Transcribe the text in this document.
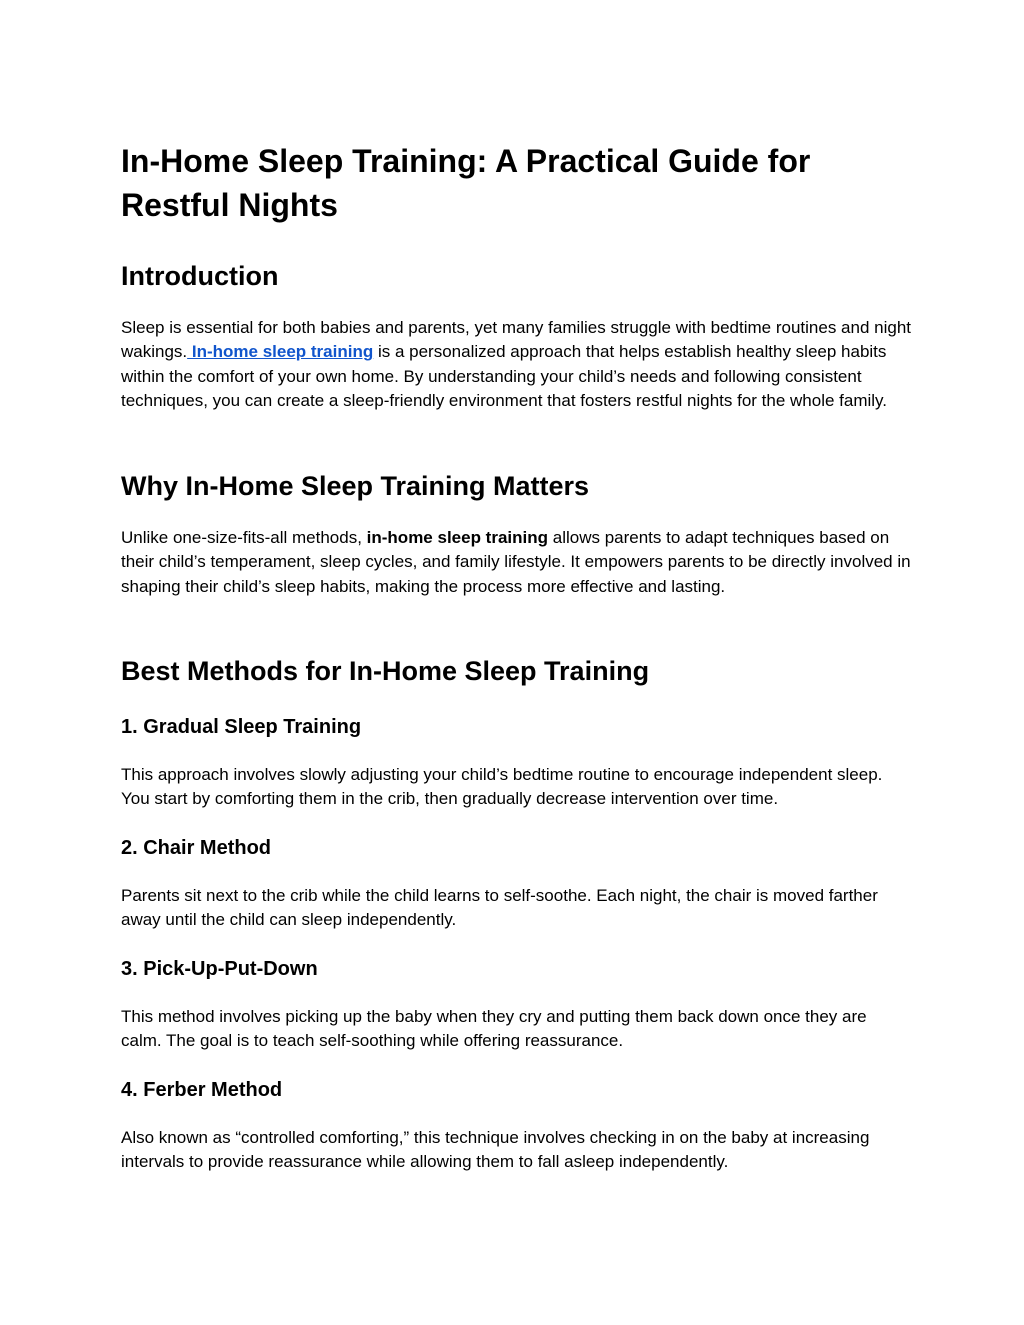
In-Home Sleep Training: A Practical Guide for Restful Nights
Introduction

Sleep is essential for both babies and parents, yet many families struggle with bedtime routines and night wakings. In-home sleep training is a personalized approach that helps establish healthy sleep habits within the comfort of your own home. By understanding your child’s needs and following consistent techniques, you can create a sleep-friendly environment that fosters restful nights for the whole family.

Why In-Home Sleep Training Matters

Unlike one-size-fits-all methods, in-home sleep training allows parents to adapt techniques based on their child’s temperament, sleep cycles, and family lifestyle. It empowers parents to be directly involved in shaping their child’s sleep habits, making the process more effective and lasting.

Best Methods for In-Home Sleep Training
1. Gradual Sleep Training

This approach involves slowly adjusting your child’s bedtime routine to encourage independent sleep. You start by comforting them in the crib, then gradually decrease intervention over time.

2. Chair Method

Parents sit next to the crib while the child learns to self-soothe. Each night, the chair is moved farther away until the child can sleep independently.

3. Pick-Up-Put-Down

This method involves picking up the baby when they cry and putting them back down once they are calm. The goal is to teach self-soothing while offering reassurance.

4. Ferber Method

Also known as “controlled comforting,” this technique involves checking in on the baby at increasing intervals to provide reassurance while allowing them to fall asleep independently.
